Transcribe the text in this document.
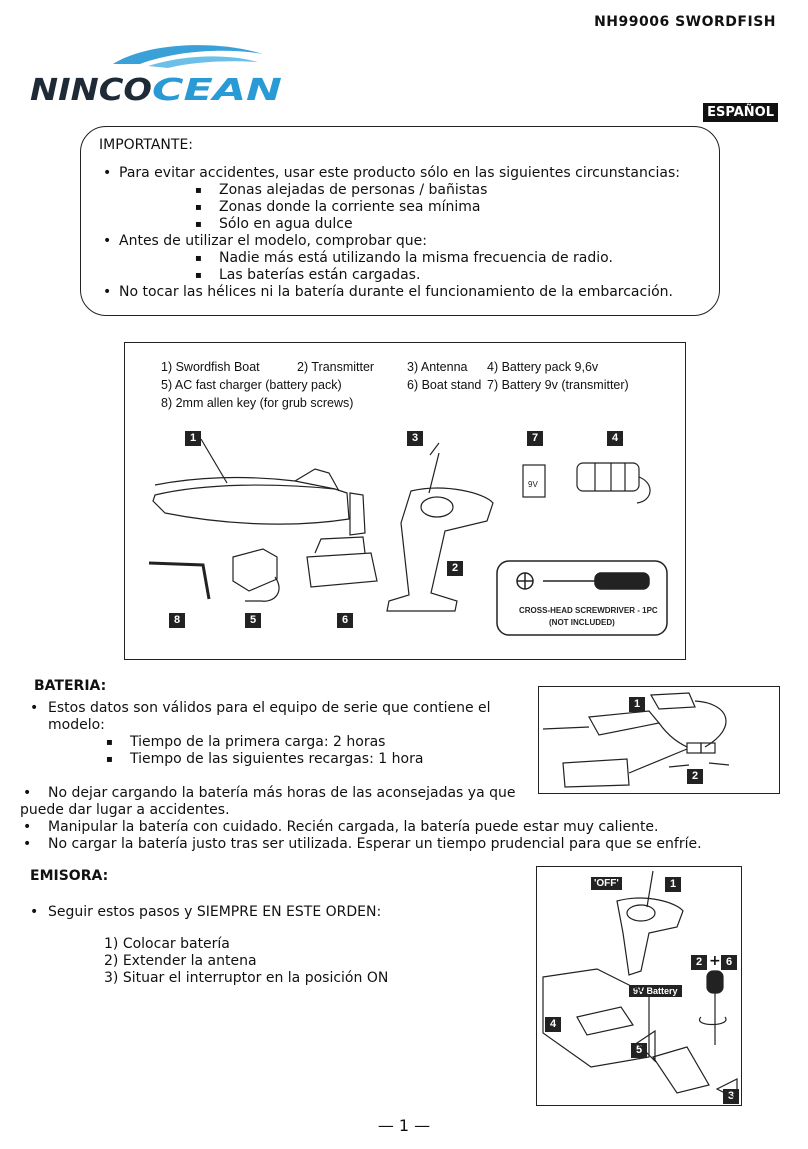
NH99006 SWORDFISH
NINCO CEAN
ESPAÑOL
IMPORTANTE:
• Para evitar accidentes, usar este producto sólo en las siguientes circunstancias:
▪ Zonas alejadas de personas / bañistas
▪ Zonas donde la corriente sea mínima
▪ Sólo en agua dulce
• Antes de utilizar el modelo, comprobar que:
▪ Nadie más está utilizando la misma frecuencia de radio.
▪ Las baterías están cargadas.
• No tocar las hélices ni la batería durante el funcionamiento de la embarcación.
1) Swordfish Boat	2) Transmitter	3) Antenna 4) Battery pack 9,6v
5) AC fast charger (battery pack)	6) Boat stand 7) Battery 9v (transmitter)
8) 2mm allen key (for grub screws)
1
2
3	4
5	6
7
8
9V
CROSS-HEAD SCREWDRIVER - 1PC
(NOT INCLUDED)
BATERIA:
• Estos datos son válidos para el equipo de serie que contiene el
modelo:
▪ Tiempo de la primera carga: 2 horas
▪ Tiempo de las siguientes recargas: 1 hora
• No dejar cargando la batería más horas de las aconsejadas ya que
puede dar lugar a accidentes.
• Manipular la batería con cuidado. Recién cargada, la batería puede estar muy caliente.
• No cargar la batería justo tras ser utilizada. Esperar un tiempo prudencial para que se enfríe.
1
2
EMISORA:
• Seguir estos pasos y SIEMPRE EN ESTE ORDEN:
1) Colocar batería
2) Extender la antena
3) Situar el interruptor en la posición ON
'OFF'	1
2 + 6
9V Battery
4
5
3
— 1 —
